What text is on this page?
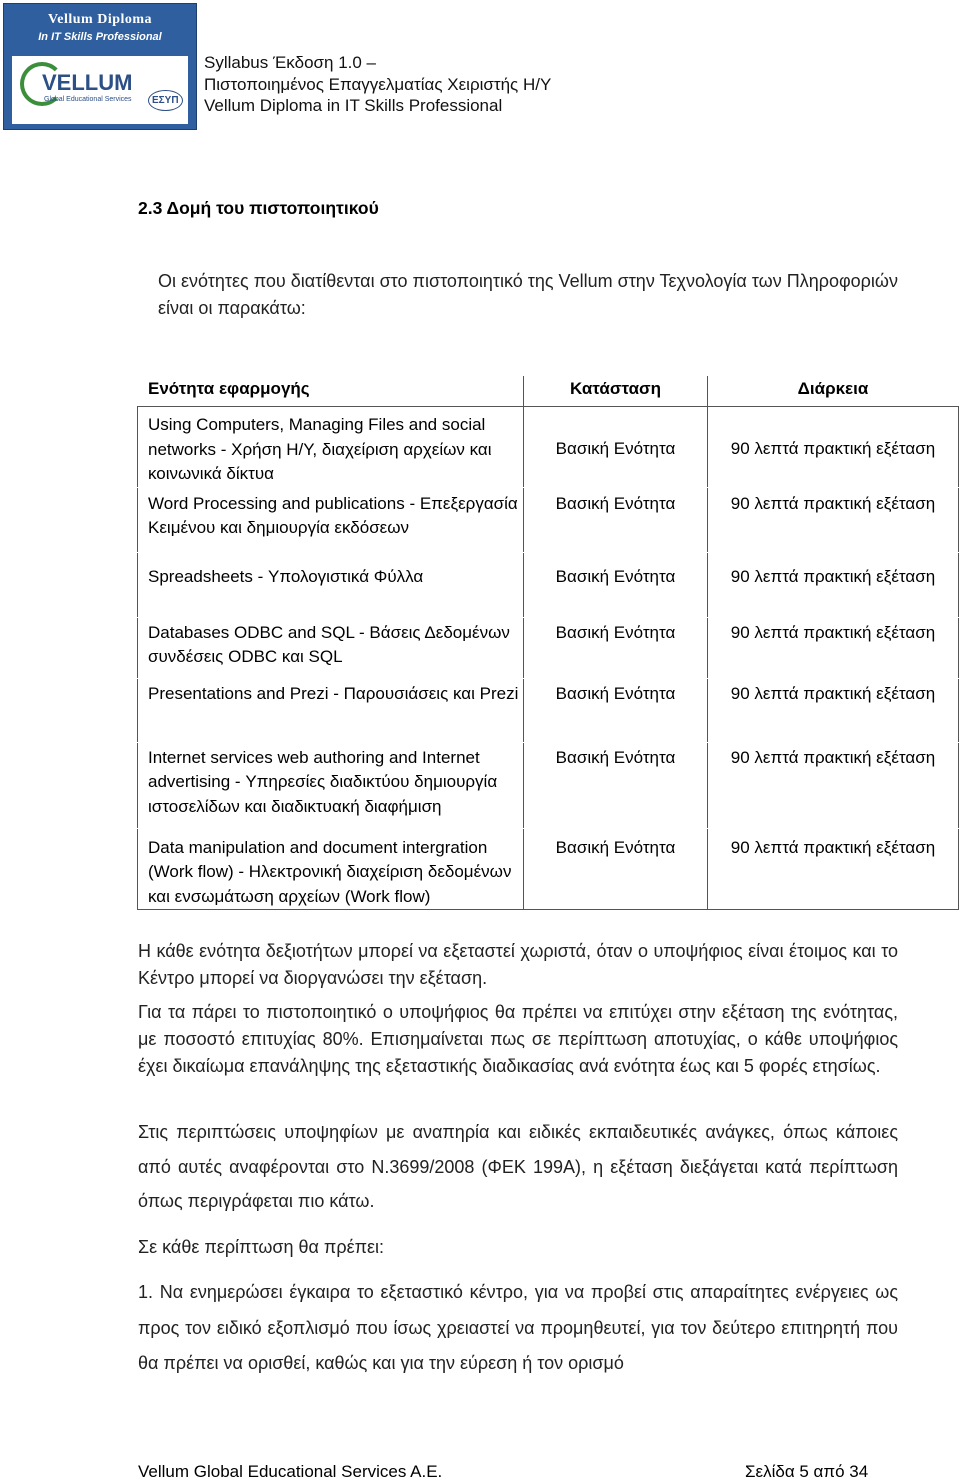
Vellum Diploma
In IT Skills Professional
VELLUM
Global Educational Services	ΕΣΥΠ
Syllabus Έκδοση 1.0 –
Πιστοποιημένος Επαγγελματίας Χειριστής Η/Υ
Vellum Diploma in IT Skills Professional
2.3 Δομή του πιστοποιητικού
Οι ενότητες που διατίθενται στο πιστοποιητικό της Vellum στην Τεχνολογία των Πληροφοριών είναι οι παρακάτω:
Ενότητα εφαρμογής	Κατάσταση	Διάρκεια
Using Computers, Managing Files and social networks - Χρήση Η/Υ, διαχείριση αρχείων και κοινωνικά δίκτυα	Βασική Ενότητα	90 λεπτά πρακτική εξέταση
Word Processing and publications - Επεξεργασία Κειμένου και δημιουργία εκδόσεων	Βασική Ενότητα	90 λεπτά πρακτική εξέταση
Spreadsheets - Υπολογιστικά Φύλλα	Βασική Ενότητα	90 λεπτά πρακτική εξέταση
Databases ODBC and SQL - Βάσεις Δεδομένων συνδέσεις ODBC και SQL	Βασική Ενότητα	90 λεπτά πρακτική εξέταση
Presentations and Prezi - Παρουσιάσεις και Prezi	Βασική Ενότητα	90 λεπτά πρακτική εξέταση
Internet services web authoring and Internet advertising - Υπηρεσίες διαδικτύου δημιουργία ιστοσελίδων και διαδικτυακή διαφήμιση	Βασική Ενότητα	90 λεπτά πρακτική εξέταση
Data manipulation and document intergration (Work flow) - Ηλεκτρονική διαχείριση δεδομένων και ενσωμάτωση αρχείων (Work flow)	Βασική Ενότητα	90 λεπτά πρακτική εξέταση
Η κάθε ενότητα δεξιοτήτων μπορεί να εξεταστεί χωριστά, όταν ο υποψήφιος είναι έτοιμος και το Κέντρο μπορεί να διοργανώσει την εξέταση.
Για τα πάρει το πιστοποιητικό ο υποψήφιος θα πρέπει να επιτύχει στην εξέταση της ενότητας, με ποσοστό επιτυχίας 80%. Επισημαίνεται πως σε περίπτωση αποτυχίας, ο κάθε υποψήφιος έχει δικαίωμα επανάληψης της εξεταστικής διαδικασίας ανά ενότητα έως και 5 φορές ετησίως.
Στις περιπτώσεις υποψηφίων με αναπηρία και ειδικές εκπαιδευτικές ανάγκες, όπως κάποιες από αυτές αναφέρονται στο Ν.3699/2008 (ΦΕΚ 199Α), η εξέταση διεξάγεται κατά περίπτωση όπως περιγράφεται πιο κάτω.
Σε κάθε περίπτωση θα πρέπει:
1. Να ενημερώσει έγκαιρα το εξεταστικό κέντρο, για να προβεί στις απαραίτητες ενέργειες ως προς τον ειδικό εξοπλισμό που ίσως χρειαστεί να προμηθευτεί, για τον δεύτερο επιτηρητή που θα πρέπει να ορισθεί, καθώς και για την εύρεση ή τον ορισμό
Vellum Global Educational Services A.E.	Σελίδα 5 από 34
